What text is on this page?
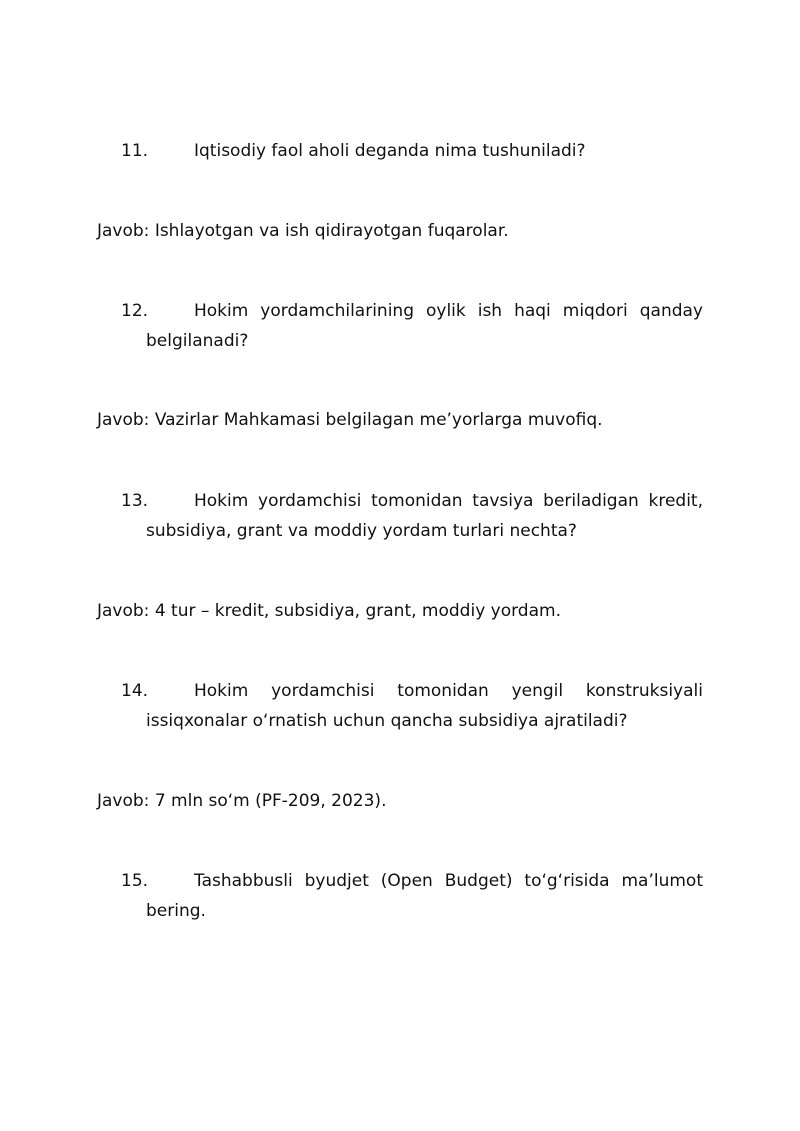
11.	Iqtisodiy faol aholi deganda nima tushuniladi?
Javob: Ishlayotgan va ish qidirayotgan fuqarolar.
12.	Hokim yordamchilarining oylik ish haqi miqdori qanday belgilanadi?
Javob: Vazirlar Mahkamasi belgilagan me’yorlarga muvofiq.
13.	Hokim yordamchisi tomonidan tavsiya beriladigan kredit, subsidiya, grant va moddiy yordam turlari nechta?
Javob: 4 tur – kredit, subsidiya, grant, moddiy yordam.
14.	Hokim yordamchisi tomonidan yengil konstruksiyali issiqxonalar o‘rnatish uchun qancha subsidiya ajratiladi?
Javob: 7 mln so‘m (PF-209, 2023).
15.	Tashabbusli byudjet (Open Budget) to‘g‘risida ma’lumot bering.
